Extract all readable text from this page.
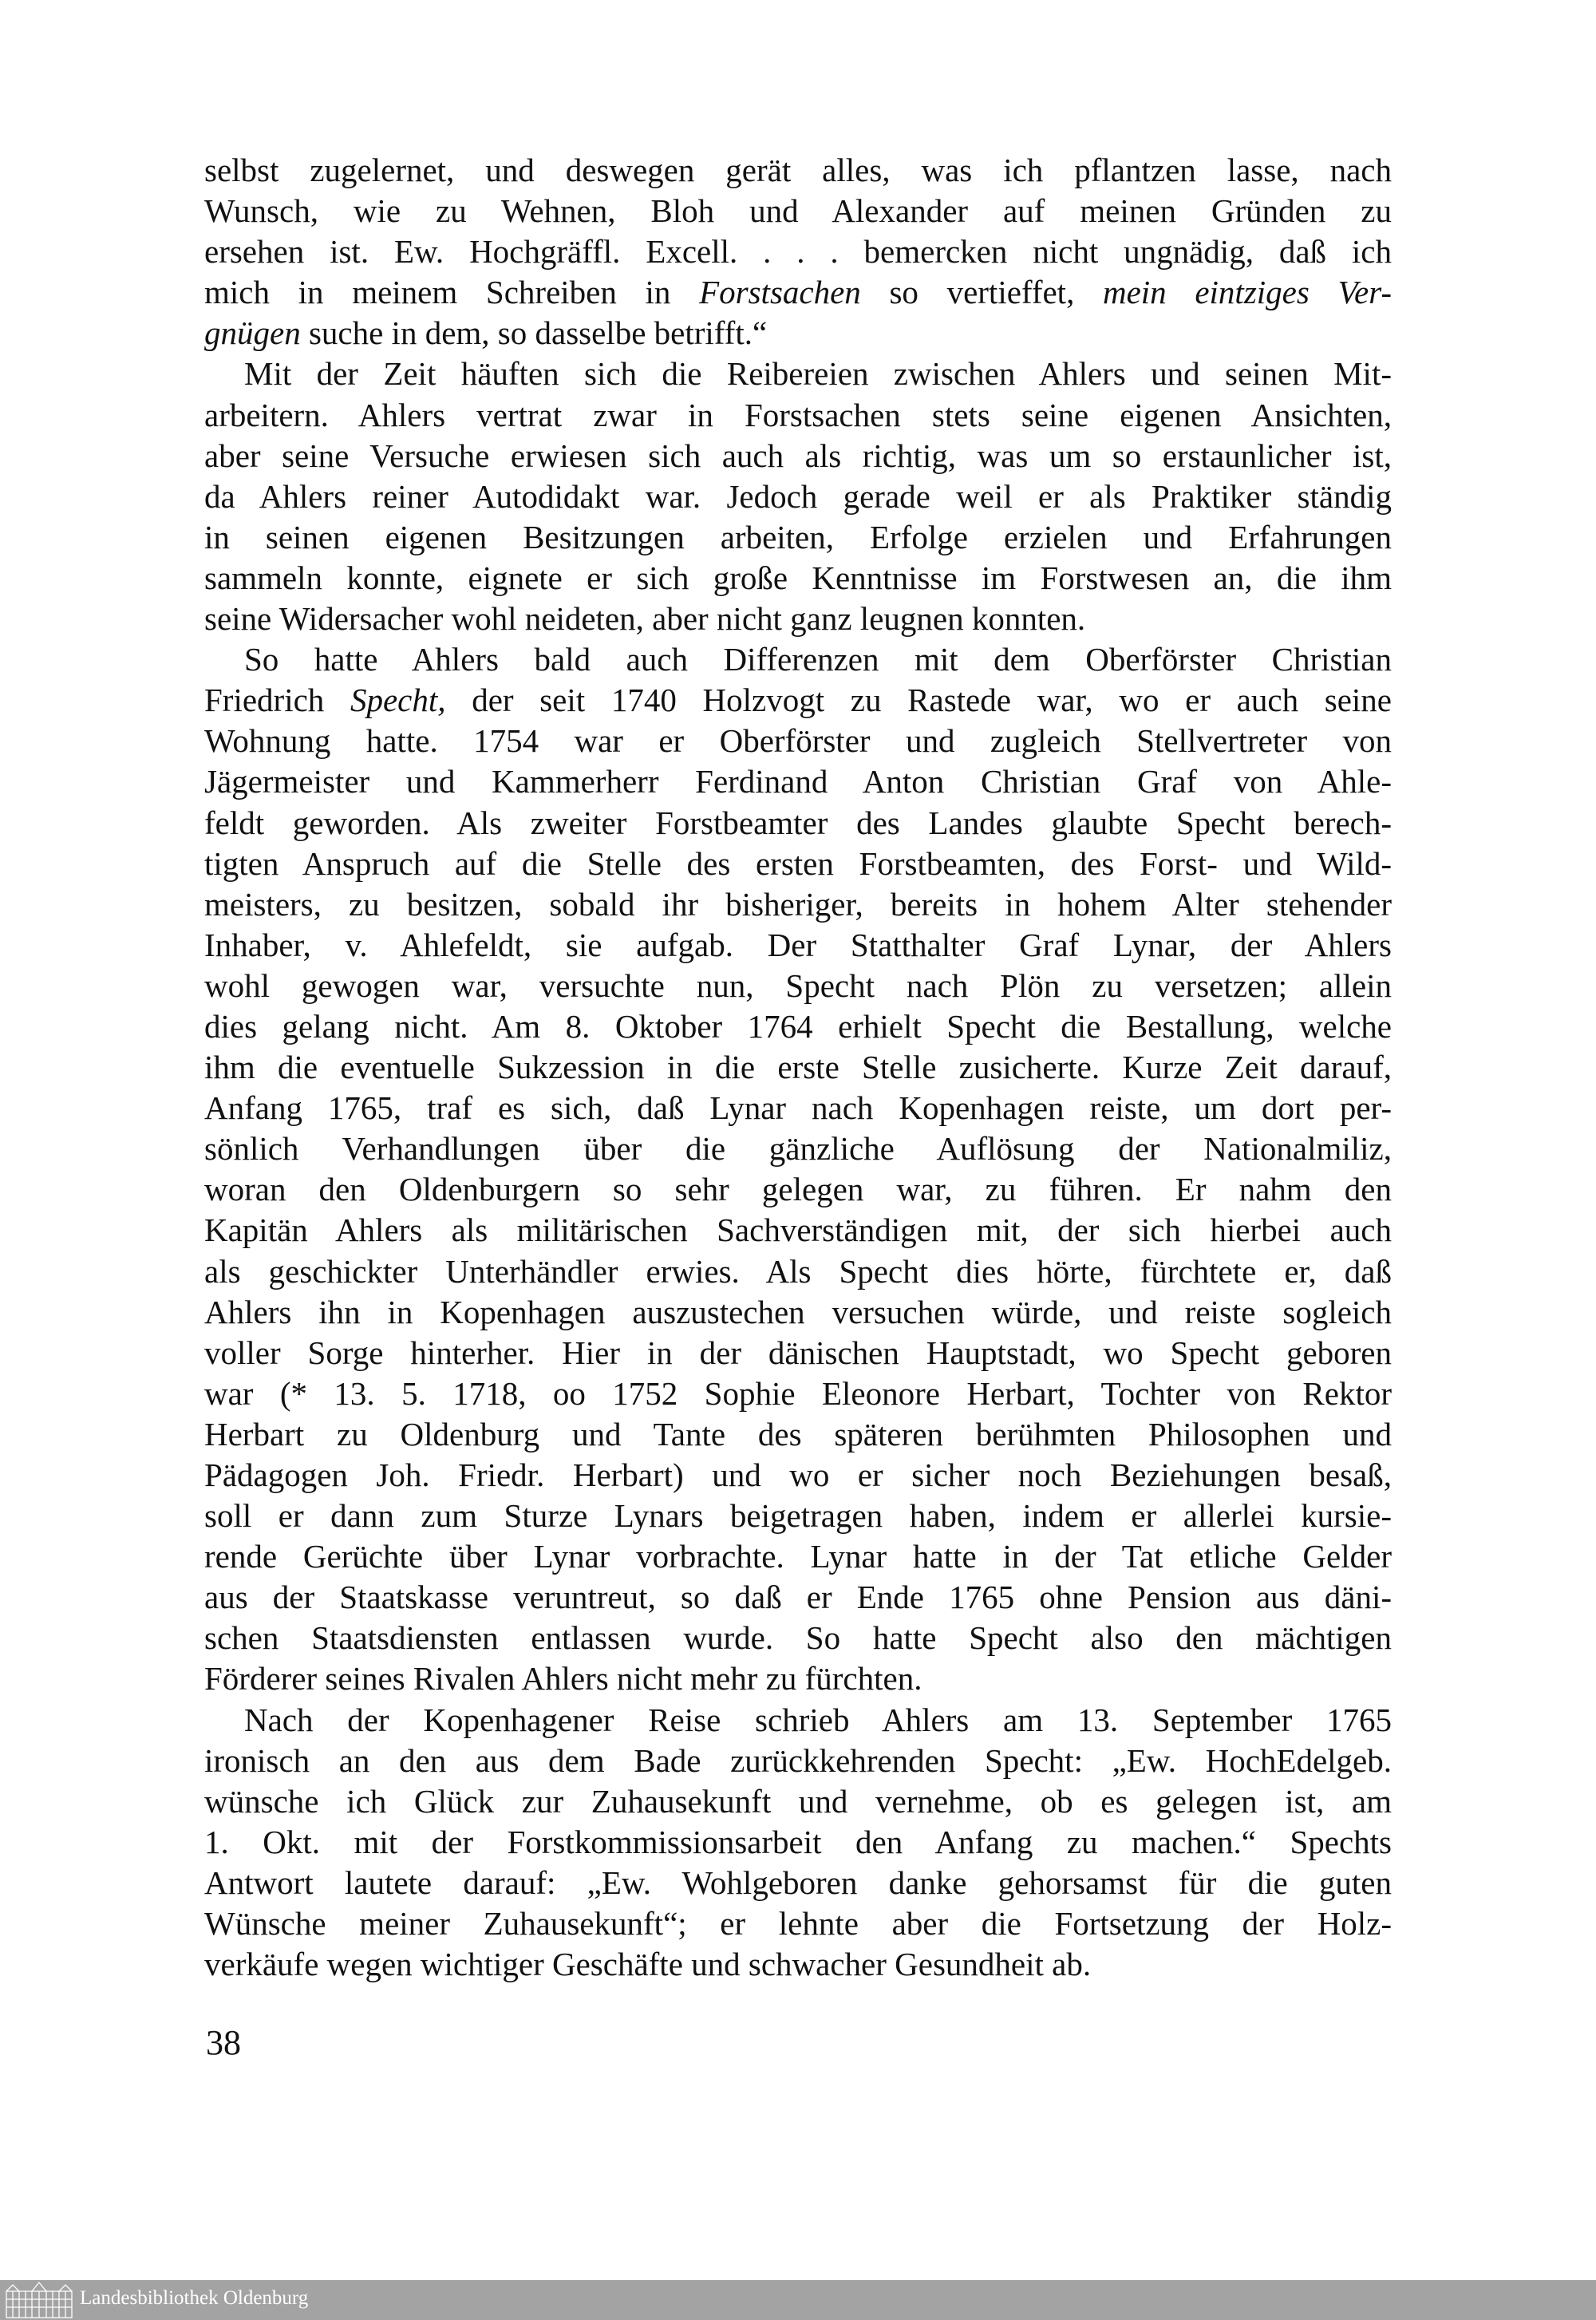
selbst zugelernet, und deswegen gerät alles, was ich pflantzen lasse, nach
Wunsch, wie zu Wehnen, Bloh und Alexander auf meinen Gründen zu
ersehen ist. Ew. Hochgräffl. Excell. . . . bemercken nicht ungnädig, daß ich
mich in meinem Schreiben in Forstsachen so vertieffet, mein eintziges Ver-
gnügen suche in dem, so dasselbe betrifft.“
Mit der Zeit häuften sich die Reibereien zwischen Ahlers und seinen Mit-
arbeitern. Ahlers vertrat zwar in Forstsachen stets seine eigenen Ansichten,
aber seine Versuche erwiesen sich auch als richtig, was um so erstaunlicher ist,
da Ahlers reiner Autodidakt war. Jedoch gerade weil er als Praktiker ständig
in seinen eigenen Besitzungen arbeiten, Erfolge erzielen und Erfahrungen
sammeln konnte, eignete er sich große Kenntnisse im Forstwesen an, die ihm
seine Widersacher wohl neideten, aber nicht ganz leugnen konnten.
So hatte Ahlers bald auch Differenzen mit dem Oberförster Christian
Friedrich Specht, der seit 1740 Holzvogt zu Rastede war, wo er auch seine
Wohnung hatte. 1754 war er Oberförster und zugleich Stellvertreter von
Jägermeister und Kammerherr Ferdinand Anton Christian Graf von Ahle-
feldt geworden. Als zweiter Forstbeamter des Landes glaubte Specht berech-
tigten Anspruch auf die Stelle des ersten Forstbeamten, des Forst- und Wild-
meisters, zu besitzen, sobald ihr bisheriger, bereits in hohem Alter stehender
Inhaber, v. Ahlefeldt, sie aufgab. Der Statthalter Graf Lynar, der Ahlers
wohl gewogen war, versuchte nun, Specht nach Plön zu versetzen; allein
dies gelang nicht. Am 8. Oktober 1764 erhielt Specht die Bestallung, welche
ihm die eventuelle Sukzession in die erste Stelle zusicherte. Kurze Zeit darauf,
Anfang 1765, traf es sich, daß Lynar nach Kopenhagen reiste, um dort per-
sönlich Verhandlungen über die gänzliche Auflösung der Nationalmiliz,
woran den Oldenburgern so sehr gelegen war, zu führen. Er nahm den
Kapitän Ahlers als militärischen Sachverständigen mit, der sich hierbei auch
als geschickter Unterhändler erwies. Als Specht dies hörte, fürchtete er, daß
Ahlers ihn in Kopenhagen auszustechen versuchen würde, und reiste sogleich
voller Sorge hinterher. Hier in der dänischen Hauptstadt, wo Specht geboren
war (* 13. 5. 1718, oo 1752 Sophie Eleonore Herbart, Tochter von Rektor
Herbart zu Oldenburg und Tante des späteren berühmten Philosophen und
Pädagogen Joh. Friedr. Herbart) und wo er sicher noch Beziehungen besaß,
soll er dann zum Sturze Lynars beigetragen haben, indem er allerlei kursie-
rende Gerüchte über Lynar vorbrachte. Lynar hatte in der Tat etliche Gelder
aus der Staatskasse veruntreut, so daß er Ende 1765 ohne Pension aus däni-
schen Staatsdiensten entlassen wurde. So hatte Specht also den mächtigen
Förderer seines Rivalen Ahlers nicht mehr zu fürchten.
Nach der Kopenhagener Reise schrieb Ahlers am 13. September 1765
ironisch an den aus dem Bade zurückkehrenden Specht: „Ew. HochEdelgeb.
wünsche ich Glück zur Zuhausekunft und vernehme, ob es gelegen ist, am
1. Okt. mit der Forstkommissionsarbeit den Anfang zu machen.“ Spechts
Antwort lautete darauf: „Ew. Wohlgeboren danke gehorsamst für die guten
Wünsche meiner Zuhausekunft“; er lehnte aber die Fortsetzung der Holz-
verkäufe wegen wichtiger Geschäfte und schwacher Gesundheit ab.
38
Landesbibliothek Oldenburg
